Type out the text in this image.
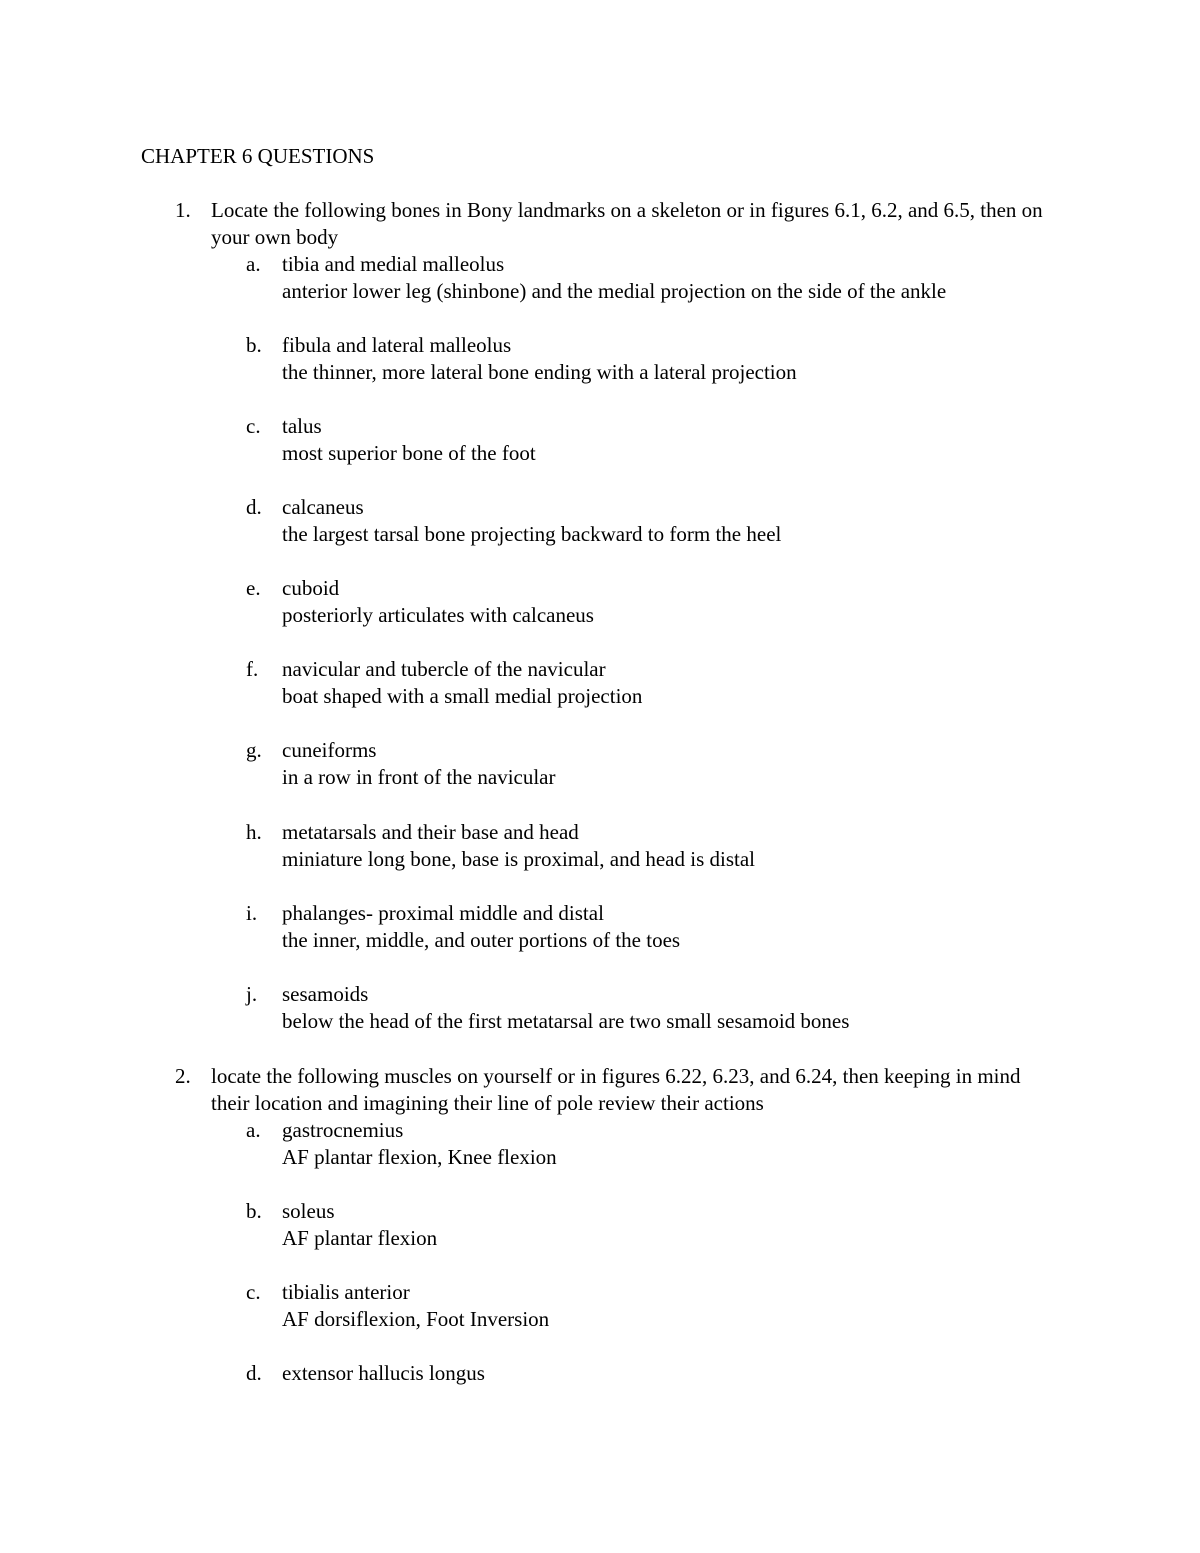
CHAPTER 6 QUESTIONS
1. Locate the following bones in Bony landmarks on a skeleton or in figures 6.1, 6.2, and 6.5, then on your own body
a. tibia and medial malleolus
anterior lower leg (shinbone) and the medial projection on the side of the ankle
b. fibula and lateral malleolus
the thinner, more lateral bone ending with a lateral projection
c. talus
most superior bone of the foot
d. calcaneus
the largest tarsal bone projecting backward to form the heel
e. cuboid
posteriorly articulates with calcaneus
f. navicular and tubercle of the navicular
boat shaped with a small medial projection
g. cuneiforms
in a row in front of the navicular
h. metatarsals and their base and head
miniature long bone, base is proximal, and head is distal
i. phalanges- proximal middle and distal
the inner, middle, and outer portions of the toes
j. sesamoids
below the head of the first metatarsal are two small sesamoid bones
2. locate the following muscles on yourself or in figures 6.22, 6.23, and 6.24, then keeping in mind their location and imagining their line of pole review their actions
a. gastrocnemius
AF plantar flexion, Knee flexion
b. soleus
AF plantar flexion
c. tibialis anterior
AF dorsiflexion, Foot Inversion
d. extensor hallucis longus
